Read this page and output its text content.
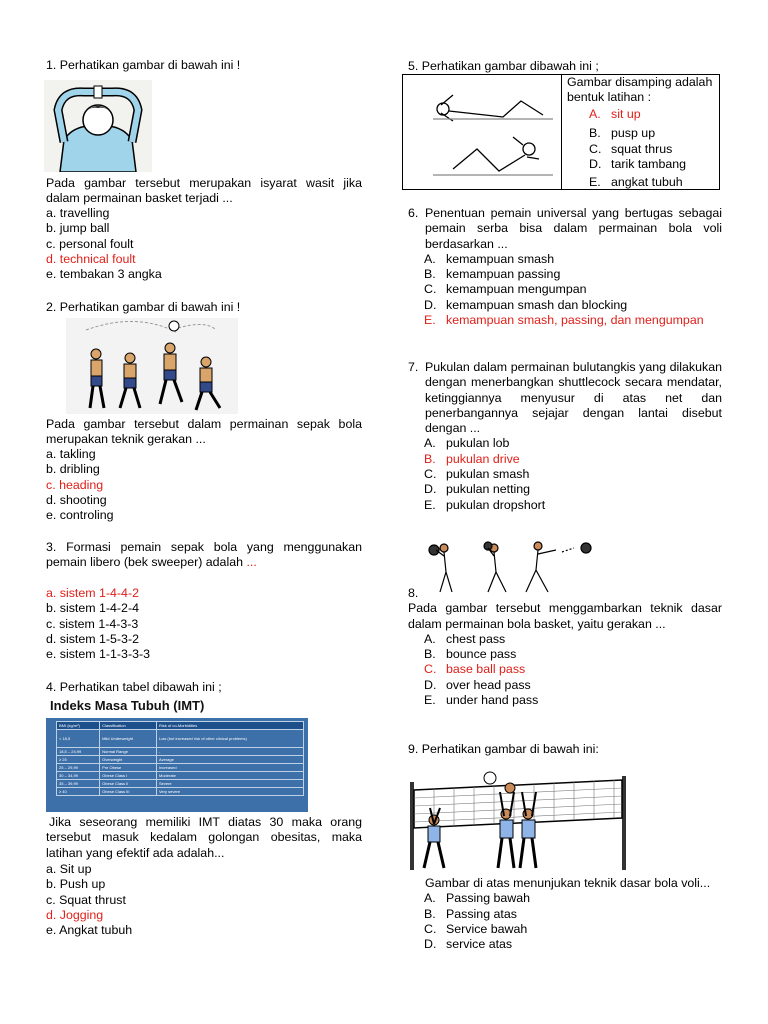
1. Perhatikan gambar di bawah ini !
Pada gambar tersebut merupakan isyarat wasit jika dalam permainan basket terjadi ...
a. travelling
b. jump ball
c. personal foult
d. technical foult
e. tembakan 3 angka
2. Perhatikan gambar di bawah ini !
Pada gambar tersebut dalam permainan sepak bola merupakan teknik gerakan ...
a. takling
b. dribling
c. heading
d. shooting
e. controling
3. Formasi pemain sepak bola yang menggunakan pemain libero (bek sweeper) adalah ...
a. sistem 1-4-4-2
b. sistem 1-4-2-4
c. sistem 1-4-3-3
d. sistem 1-5-3-2
e. sistem 1-1-3-3-3
4. Perhatikan tabel dibawah ini ;
Indeks Masa Tubuh (IMT)
BMI (kg/m²)	Classification	Risk of co-Morbidities
< 18,5	Mild Underweight	Low (but increased risk of other clinical problems)
18,5 – 24,99	Normal Range	-
≥ 25	Overweight	Average
25 – 29,99	Pre Obese	Increased
30 – 34,99	Obese Class I	Moderate
35 – 39,99	Obese Class II	Severe
≥ 40	Obese Class III	Very severe
Jika seseorang memiliki IMT diatas 30 maka orang tersebut masuk kedalam golongan obesitas, maka latihan yang efektif ada adalah...
a. Sit up
b. Push up
c. Squat thrust
d. Jogging
e. Angkat tubuh
5. Perhatikan gambar dibawah ini ;
Gambar disamping adalah bentuk latihan :
A. sit up
B. pusp up
C. squat thrus
D. tarik tambang
E. angkat tubuh
6. Penentuan pemain universal yang bertugas sebagai pemain serba bisa dalam permainan bola voli berdasarkan ...
A. kemampuan smash
B. kemampuan passing
C. kemampuan mengumpan
D. kemampuan smash dan blocking
E. kemampuan smash, passing, dan mengumpan
7. Pukulan dalam permainan bulutangkis yang dilakukan dengan menerbangkan shuttlecock secara mendatar, ketinggiannya menyusur di atas net dan penerbangannya sejajar dengan lantai disebut dengan ...
A. pukulan lob
B. pukulan drive
C. pukulan smash
D. pukulan netting
E. pukulan dropshort
8.
Pada gambar tersebut menggambarkan teknik dasar dalam permainan bola basket, yaitu gerakan ...
A. chest pass
B. bounce pass
C. base ball pass
D. over head pass
E. under hand pass
9. Perhatikan gambar di bawah ini:
Gambar di atas menunjukan teknik dasar bola voli...
A. Passing bawah
B. Passing atas
C. Service bawah
D. service atas
